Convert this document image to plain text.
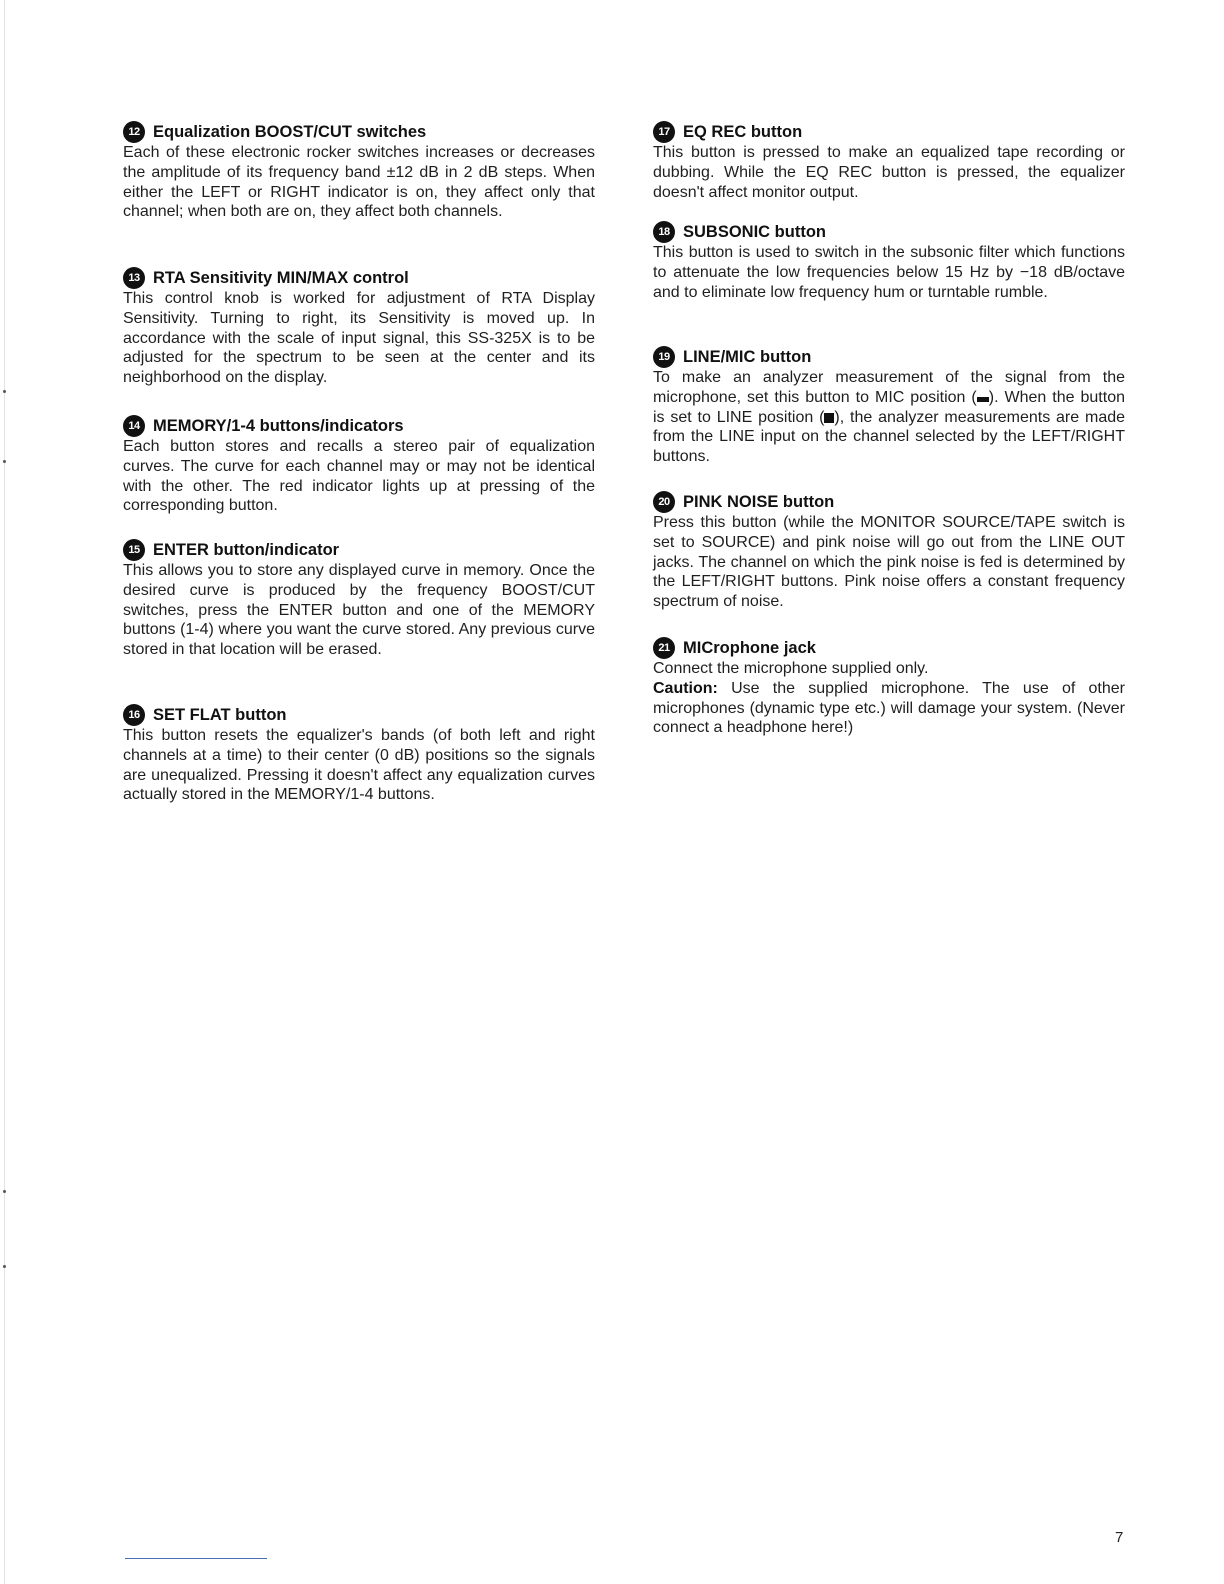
12 Equalization BOOST/CUT switches

Each of these electronic rocker switches increases or decreases the amplitude of its frequency band ±12 dB in 2 dB steps. When either the LEFT or RIGHT indicator is on, they affect only that channel; when both are on, they affect both channels.

13 RTA Sensitivity MIN/MAX control

This control knob is worked for adjustment of RTA Display Sensitivity. Turning to right, its Sensitivity is moved up. In accordance with the scale of input signal, this SS-325X is to be adjusted for the spectrum to be seen at the center and its neighborhood on the display.

14 MEMORY/1-4 buttons/indicators

Each button stores and recalls a stereo pair of equalization curves. The curve for each channel may or may not be identical with the other. The red indicator lights up at pressing of the corresponding button.

15 ENTER button/indicator

This allows you to store any displayed curve in memory. Once the desired curve is produced by the frequency BOOST/CUT switches, press the ENTER button and one of the MEMORY buttons (1-4) where you want the curve stored. Any previous curve stored in that location will be erased.

16 SET FLAT button

This button resets the equalizer's bands (of both left and right channels at a time) to their center (0 dB) positions so the signals are unequalized. Pressing it doesn't affect any equalization curves actually stored in the MEMORY/1-4 buttons.

17 EQ REC button

This button is pressed to make an equalized tape recording or dubbing. While the EQ REC button is pressed, the equalizer doesn't affect monitor output.

18 SUBSONIC button

This button is used to switch in the subsonic filter which functions to attenuate the low frequencies below 15 Hz by −18 dB/octave and to eliminate low frequency hum or turntable rumble.

19 LINE/MIC button

To make an analyzer measurement of the signal from the microphone, set this button to MIC position ( ). When the button is set to LINE position ( ), the analyzer measurements are made from the LINE input on the channel selected by the LEFT/RIGHT buttons.

20 PINK NOISE button

Press this button (while the MONITOR SOURCE/TAPE switch is set to SOURCE) and pink noise will go out from the LINE OUT jacks. The channel on which the pink noise is fed is determined by the LEFT/RIGHT buttons. Pink noise offers a constant frequency spectrum of noise.

21 MICrophone jack

Connect the microphone supplied only.

Caution: Use the supplied microphone. The use of other microphones (dynamic type etc.) will damage your system. (Never connect a headphone here!)

7
